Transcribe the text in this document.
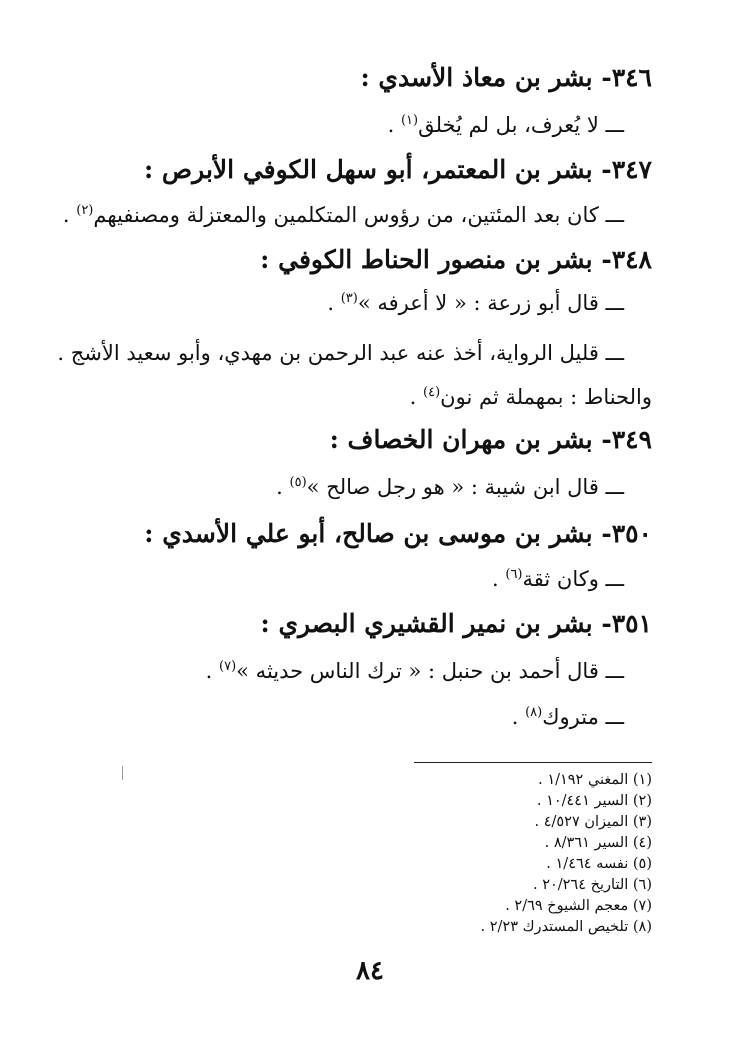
٣٤٦- بشر بن معاذ الأسدي :
ـــ لا يُعرف، بل لم يُخلق$^{(١)}$ .
٣٤٧- بشر بن المعتمر، أبو سهل الكوفي الأبرص :
ـــ كان بعد المئتين، من رؤوس المتكلمين والمعتزلة ومصنفيهم$^{(٢)}$ .
٣٤٨- بشر بن منصور الحناط الكوفي :
ـــ قال أبو زرعة : « لا أعرفه »$^{(٣)}$ .
ـــ قليل الرواية، أخذ عنه عبد الرحمن بن مهدي، وأبو سعيد الأشج .
والحناط : بمهملة ثم نون$^{(٤)}$ .
٣٤٩- بشر بن مهران الخصاف :
ـــ قال ابن شيبة : « هو رجل صالح »$^{(٥)}$ .
٣٥٠- بشر بن موسى بن صالح، أبو علي الأسدي :
ـــ وكان ثقة$^{(٦)}$ .
٣٥١- بشر بن نمير القشيري البصري :
ـــ قال أحمد بن حنبل : « ترك الناس حديثه »$^{(٧)}$ .
ـــ متروك$^{(٨)}$ .
(١) المغني ١/١٩٢ .
(٢) السير ١٠/٤٤١ .
(٣) الميزان ٤/٥٢٧ .
(٤) السير ٨/٣٦١ .
(٥) نفسه ١/٤٦٤ .
(٦) التاريخ ٢٠/٢٦٤ .
(٧) معجم الشيوخ ٢/٦٩ .
(٨) تلخيص المستدرك ٢/٢٣ .
٨٤
